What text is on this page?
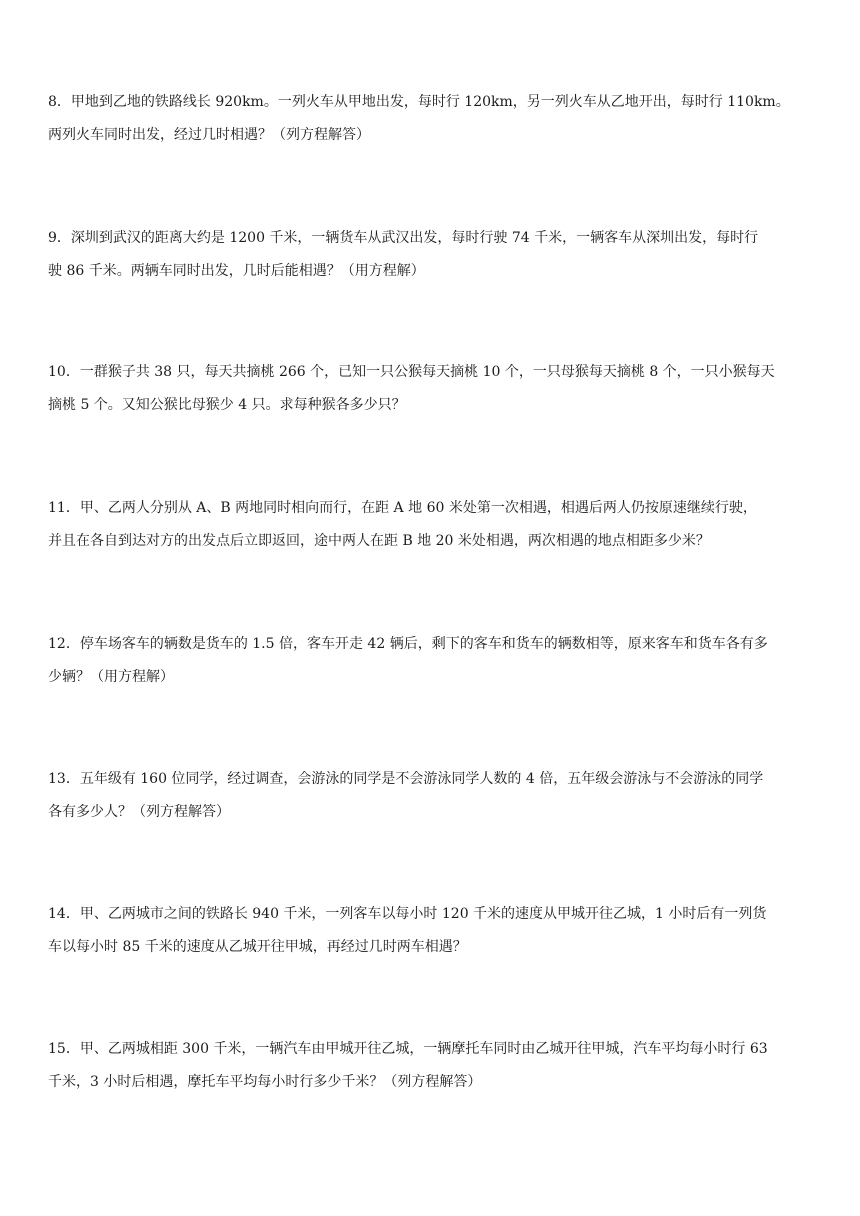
8．甲地到乙地的铁路线长 920km。一列火车从甲地出发，每时行 120km，另一列火车从乙地开出，每时行 110km。
两列火车同时出发，经过几时相遇？（列方程解答）
9．深圳到武汉的距离大约是 1200 千米，一辆货车从武汉出发，每时行驶 74 千米，一辆客车从深圳出发，每时行
驶 86 千米。两辆车同时出发，几时后能相遇？（用方程解）
10．一群猴子共 38 只，每天共摘桃 266 个，已知一只公猴每天摘桃 10 个，一只母猴每天摘桃 8 个，一只小猴每天
摘桃 5 个。又知公猴比母猴少 4 只。求每种猴各多少只？
11．甲、乙两人分别从 A、B 两地同时相向而行，在距 A 地 60 米处第一次相遇，相遇后两人仍按原速继续行驶，
并且在各自到达对方的出发点后立即返回，途中两人在距 B 地 20 米处相遇，两次相遇的地点相距多少米？
12．停车场客车的辆数是货车的 1.5 倍，客车开走 42 辆后，剩下的客车和货车的辆数相等，原来客车和货车各有多
少辆？（用方程解）
13．五年级有 160 位同学，经过调查，会游泳的同学是不会游泳同学人数的 4 倍，五年级会游泳与不会游泳的同学
各有多少人？（列方程解答）
14．甲、乙两城市之间的铁路长 940 千米，一列客车以每小时 120 千米的速度从甲城开往乙城，1 小时后有一列货
车以每小时 85 千米的速度从乙城开往甲城，再经过几时两车相遇？
15．甲、乙两城相距 300 千米，一辆汽车由甲城开往乙城，一辆摩托车同时由乙城开往甲城，汽车平均每小时行 63
千米，3 小时后相遇，摩托车平均每小时行多少千米？（列方程解答）
